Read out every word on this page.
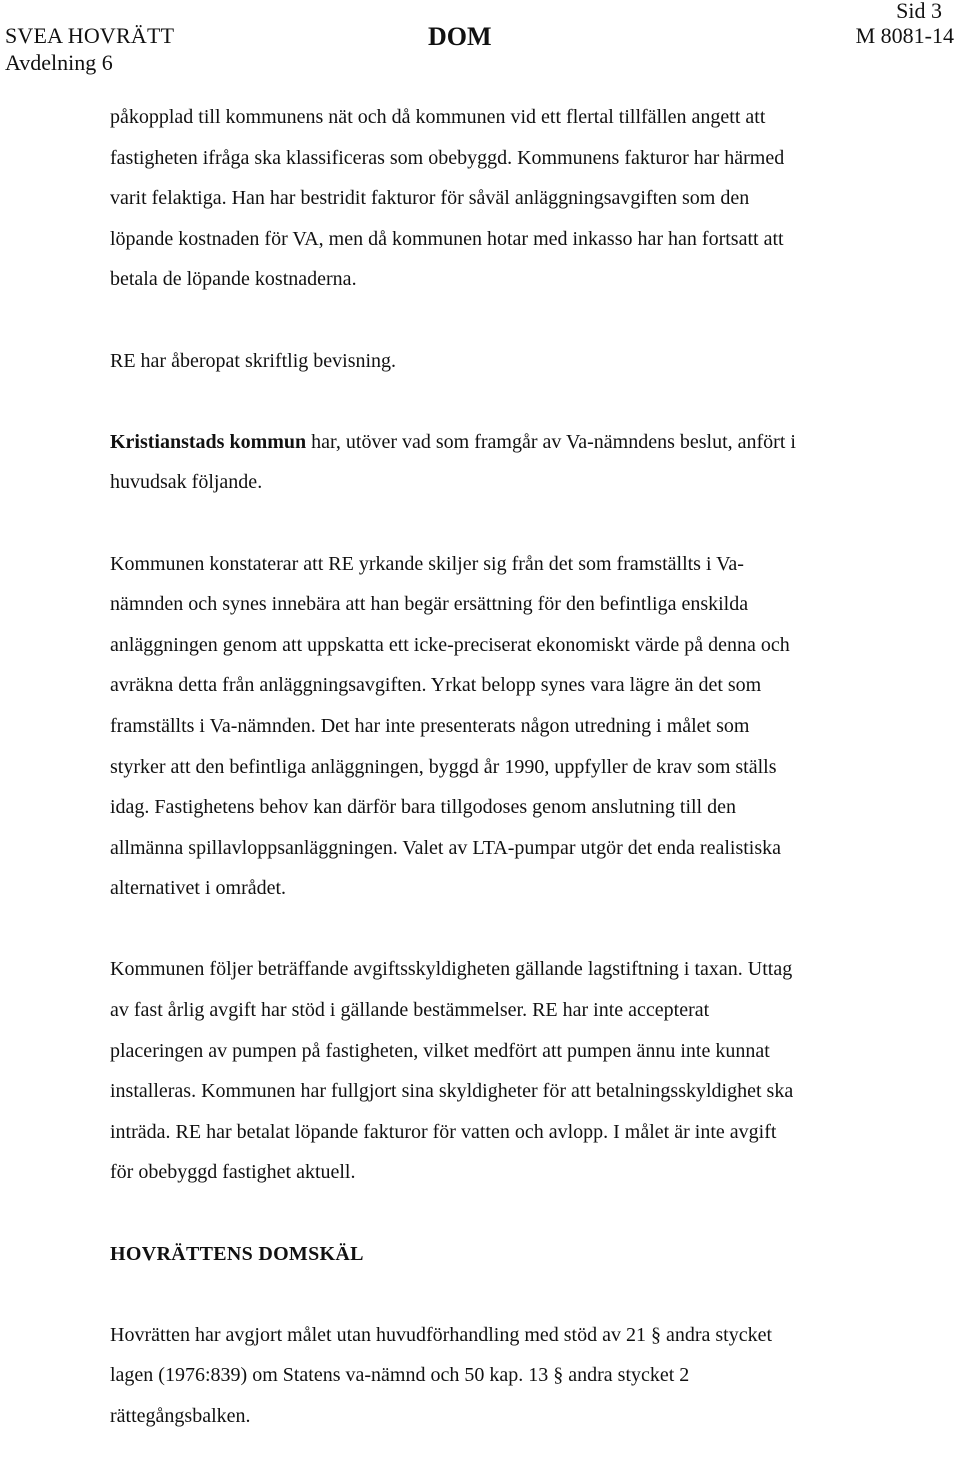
SVEA HOVRÄTT
Avdelning 6
DOM
Sid 3
M 8081-14

påkopplad till kommunens nät och då kommunen vid ett flertal tillfällen angett att
fastigheten ifråga ska klassificeras som obebyggd. Kommunens fakturor har härmed
varit felaktiga. Han har bestridit fakturor för såväl anläggningsavgiften som den
löpande kostnaden för VA, men då kommunen hotar med inkasso har han fortsatt att
betala de löpande kostnaderna.

RE har åberopat skriftlig bevisning.

Kristianstads kommun har, utöver vad som framgår av Va-nämndens beslut, anfört i
huvudsak följande.

Kommunen konstaterar att RE yrkande skiljer sig från det som framställts i Va-
nämnden och synes innebära att han begär ersättning för den befintliga enskilda
anläggningen genom att uppskatta ett icke-preciserat ekonomiskt värde på denna och
avräkna detta från anläggningsavgiften. Yrkat belopp synes vara lägre än det som
framställts i Va-nämnden. Det har inte presenterats någon utredning i målet som
styrker att den befintliga anläggningen, byggd år 1990, uppfyller de krav som ställs
idag. Fastighetens behov kan därför bara tillgodoses genom anslutning till den
allmänna spillavloppsanläggningen. Valet av LTA-pumpar utgör det enda realistiska
alternativet i området.

Kommunen följer beträffande avgiftsskyldigheten gällande lagstiftning i taxan. Uttag
av fast årlig avgift har stöd i gällande bestämmelser. RE har inte accepterat
placeringen av pumpen på fastigheten, vilket medfört att pumpen ännu inte kunnat
installeras. Kommunen har fullgjort sina skyldigheter för att betalningsskyldighet ska
inträda. RE har betalat löpande fakturor för vatten och avlopp. I målet är inte avgift
för obebyggd fastighet aktuell.

HOVRÄTTENS DOMSKÄL

Hovrätten har avgjort målet utan huvudförhandling med stöd av 21 § andra stycket
lagen (1976:839) om Statens va-nämnd och 50 kap. 13 § andra stycket 2
rättegångsbalken.
